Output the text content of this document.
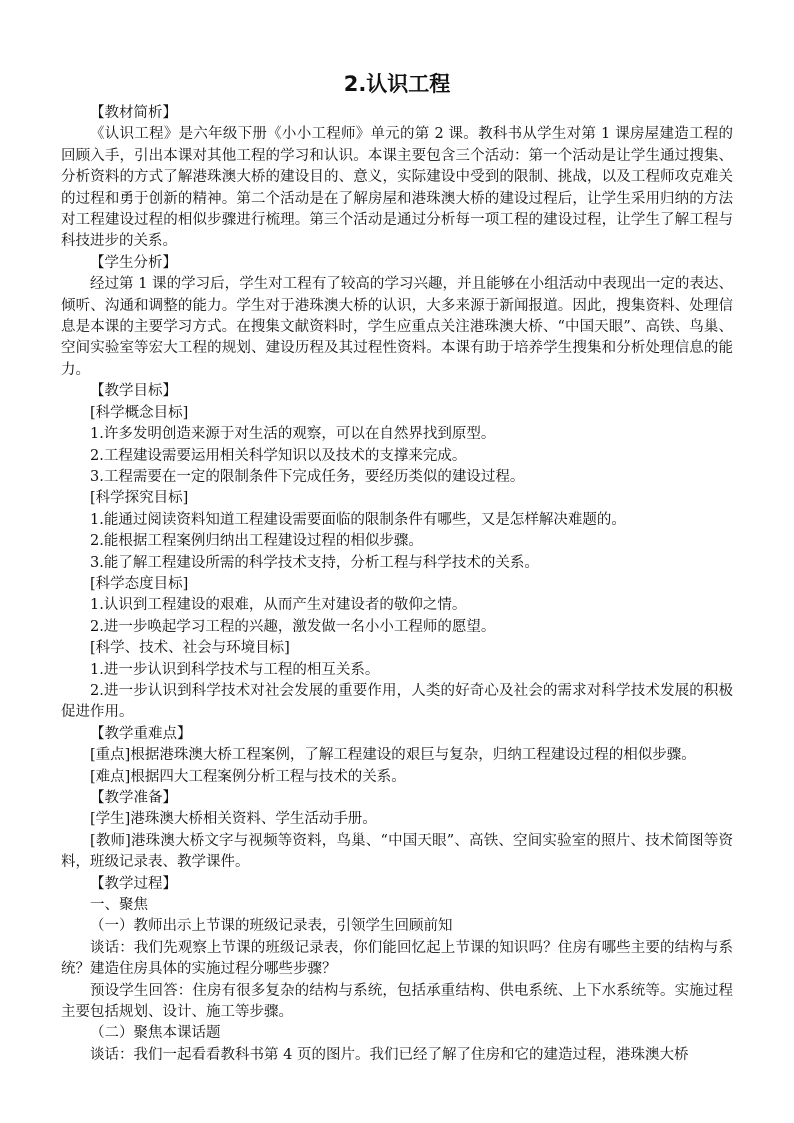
2.认识工程

【教材简析】

《认识工程》是六年级下册《小小工程师》单元的第 2 课。教科书从学生对第 1 课房屋建造工程的回顾入手，引出本课对其他工程的学习和认识。本课主要包含三个活动：第一个活动是让学生通过搜集、分析资料的方式了解港珠澳大桥的建设目的、意义，实际建设中受到的限制、挑战，以及工程师攻克难关的过程和勇于创新的精神。第二个活动是在了解房屋和港珠澳大桥的建设过程后，让学生采用归纳的方法对工程建设过程的相似步骤进行梳理。第三个活动是通过分析每一项工程的建设过程，让学生了解工程与科技进步的关系。

【学生分析】

经过第 1 课的学习后，学生对工程有了较高的学习兴趣，并且能够在小组活动中表现出一定的表达、倾听、沟通和调整的能力。学生对于港珠澳大桥的认识，大多来源于新闻报道。因此，搜集资料、处理信息是本课的主要学习方式。在搜集文献资料时，学生应重点关注港珠澳大桥、“中国天眼”、高铁、鸟巢、空间实验室等宏大工程的规划、建设历程及其过程性资料。本课有助于培养学生搜集和分析处理信息的能力。

【教学目标】

[科学概念目标]

1.许多发明创造来源于对生活的观察，可以在自然界找到原型。

2.工程建设需要运用相关科学知识以及技术的支撑来完成。

3.工程需要在一定的限制条件下完成任务，要经历类似的建设过程。

[科学探究目标]

1.能通过阅读资料知道工程建设需要面临的限制条件有哪些，又是怎样解决难题的。

2.能根据工程案例归纳出工程建设过程的相似步骤。

3.能了解工程建设所需的科学技术支持，分析工程与科学技术的关系。

[科学态度目标]

1.认识到工程建设的艰难，从而产生对建设者的敬仰之情。

2.进一步唤起学习工程的兴趣，激发做一名小小工程师的愿望。

[科学、技术、社会与环境目标]

1.进一步认识到科学技术与工程的相互关系。

2.进一步认识到科学技术对社会发展的重要作用，人类的好奇心及社会的需求对科学技术发展的积极促进作用。

【教学重难点】

[重点]根据港珠澳大桥工程案例，了解工程建设的艰巨与复杂，归纳工程建设过程的相似步骤。

[难点]根据四大工程案例分析工程与技术的关系。

【教学准备】

[学生]港珠澳大桥相关资料、学生活动手册。

[教师]港珠澳大桥文字与视频等资料，鸟巢、“中国天眼”、高铁、空间实验室的照片、技术简图等资料，班级记录表、教学课件。

【教学过程】

一、聚焦

（一）教师出示上节课的班级记录表，引领学生回顾前知

谈话：我们先观察上节课的班级记录表，你们能回忆起上节课的知识吗？住房有哪些主要的结构与系统？建造住房具体的实施过程分哪些步骤？

预设学生回答：住房有很多复杂的结构与系统，包括承重结构、供电系统、上下水系统等。实施过程主要包括规划、设计、施工等步骤。

（二）聚焦本课话题

谈话：我们一起看看教科书第 4 页的图片。我们已经了解了住房和它的建造过程，港珠澳大桥
